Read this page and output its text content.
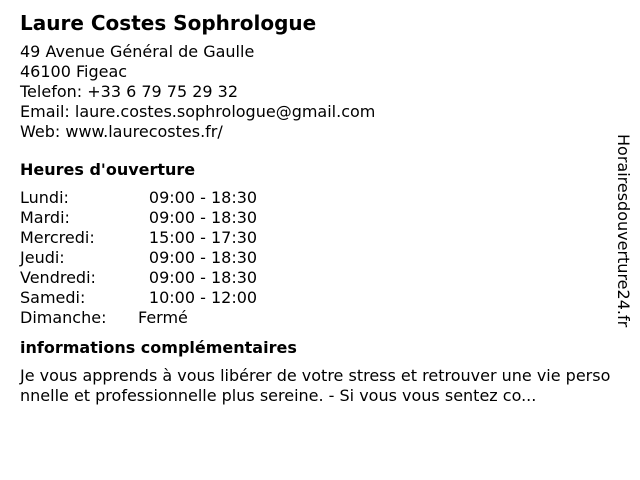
Laure Costes Sophrologue
49 Avenue Général de Gaulle
46100 Figeac
Telefon: +33 6 79 75 29 32
Email: laure.costes.sophrologue@gmail.com
Web: www.laurecostes.fr/
Heures d'ouverture
Lundi:	09:00 - 18:30
Mardi:	09:00 - 18:30
Mercredi:	15:00 - 17:30
Jeudi:	09:00 - 18:30
Vendredi:	09:00 - 18:30
Samedi:	10:00 - 12:00
Dimanche:	Fermé
informations complémentaires
Je vous apprends à vous libérer de votre stress et retrouver une vie personnelle et professionnelle plus sereine. - Si vous vous sentez co...
Horairesdouverture24.fr
